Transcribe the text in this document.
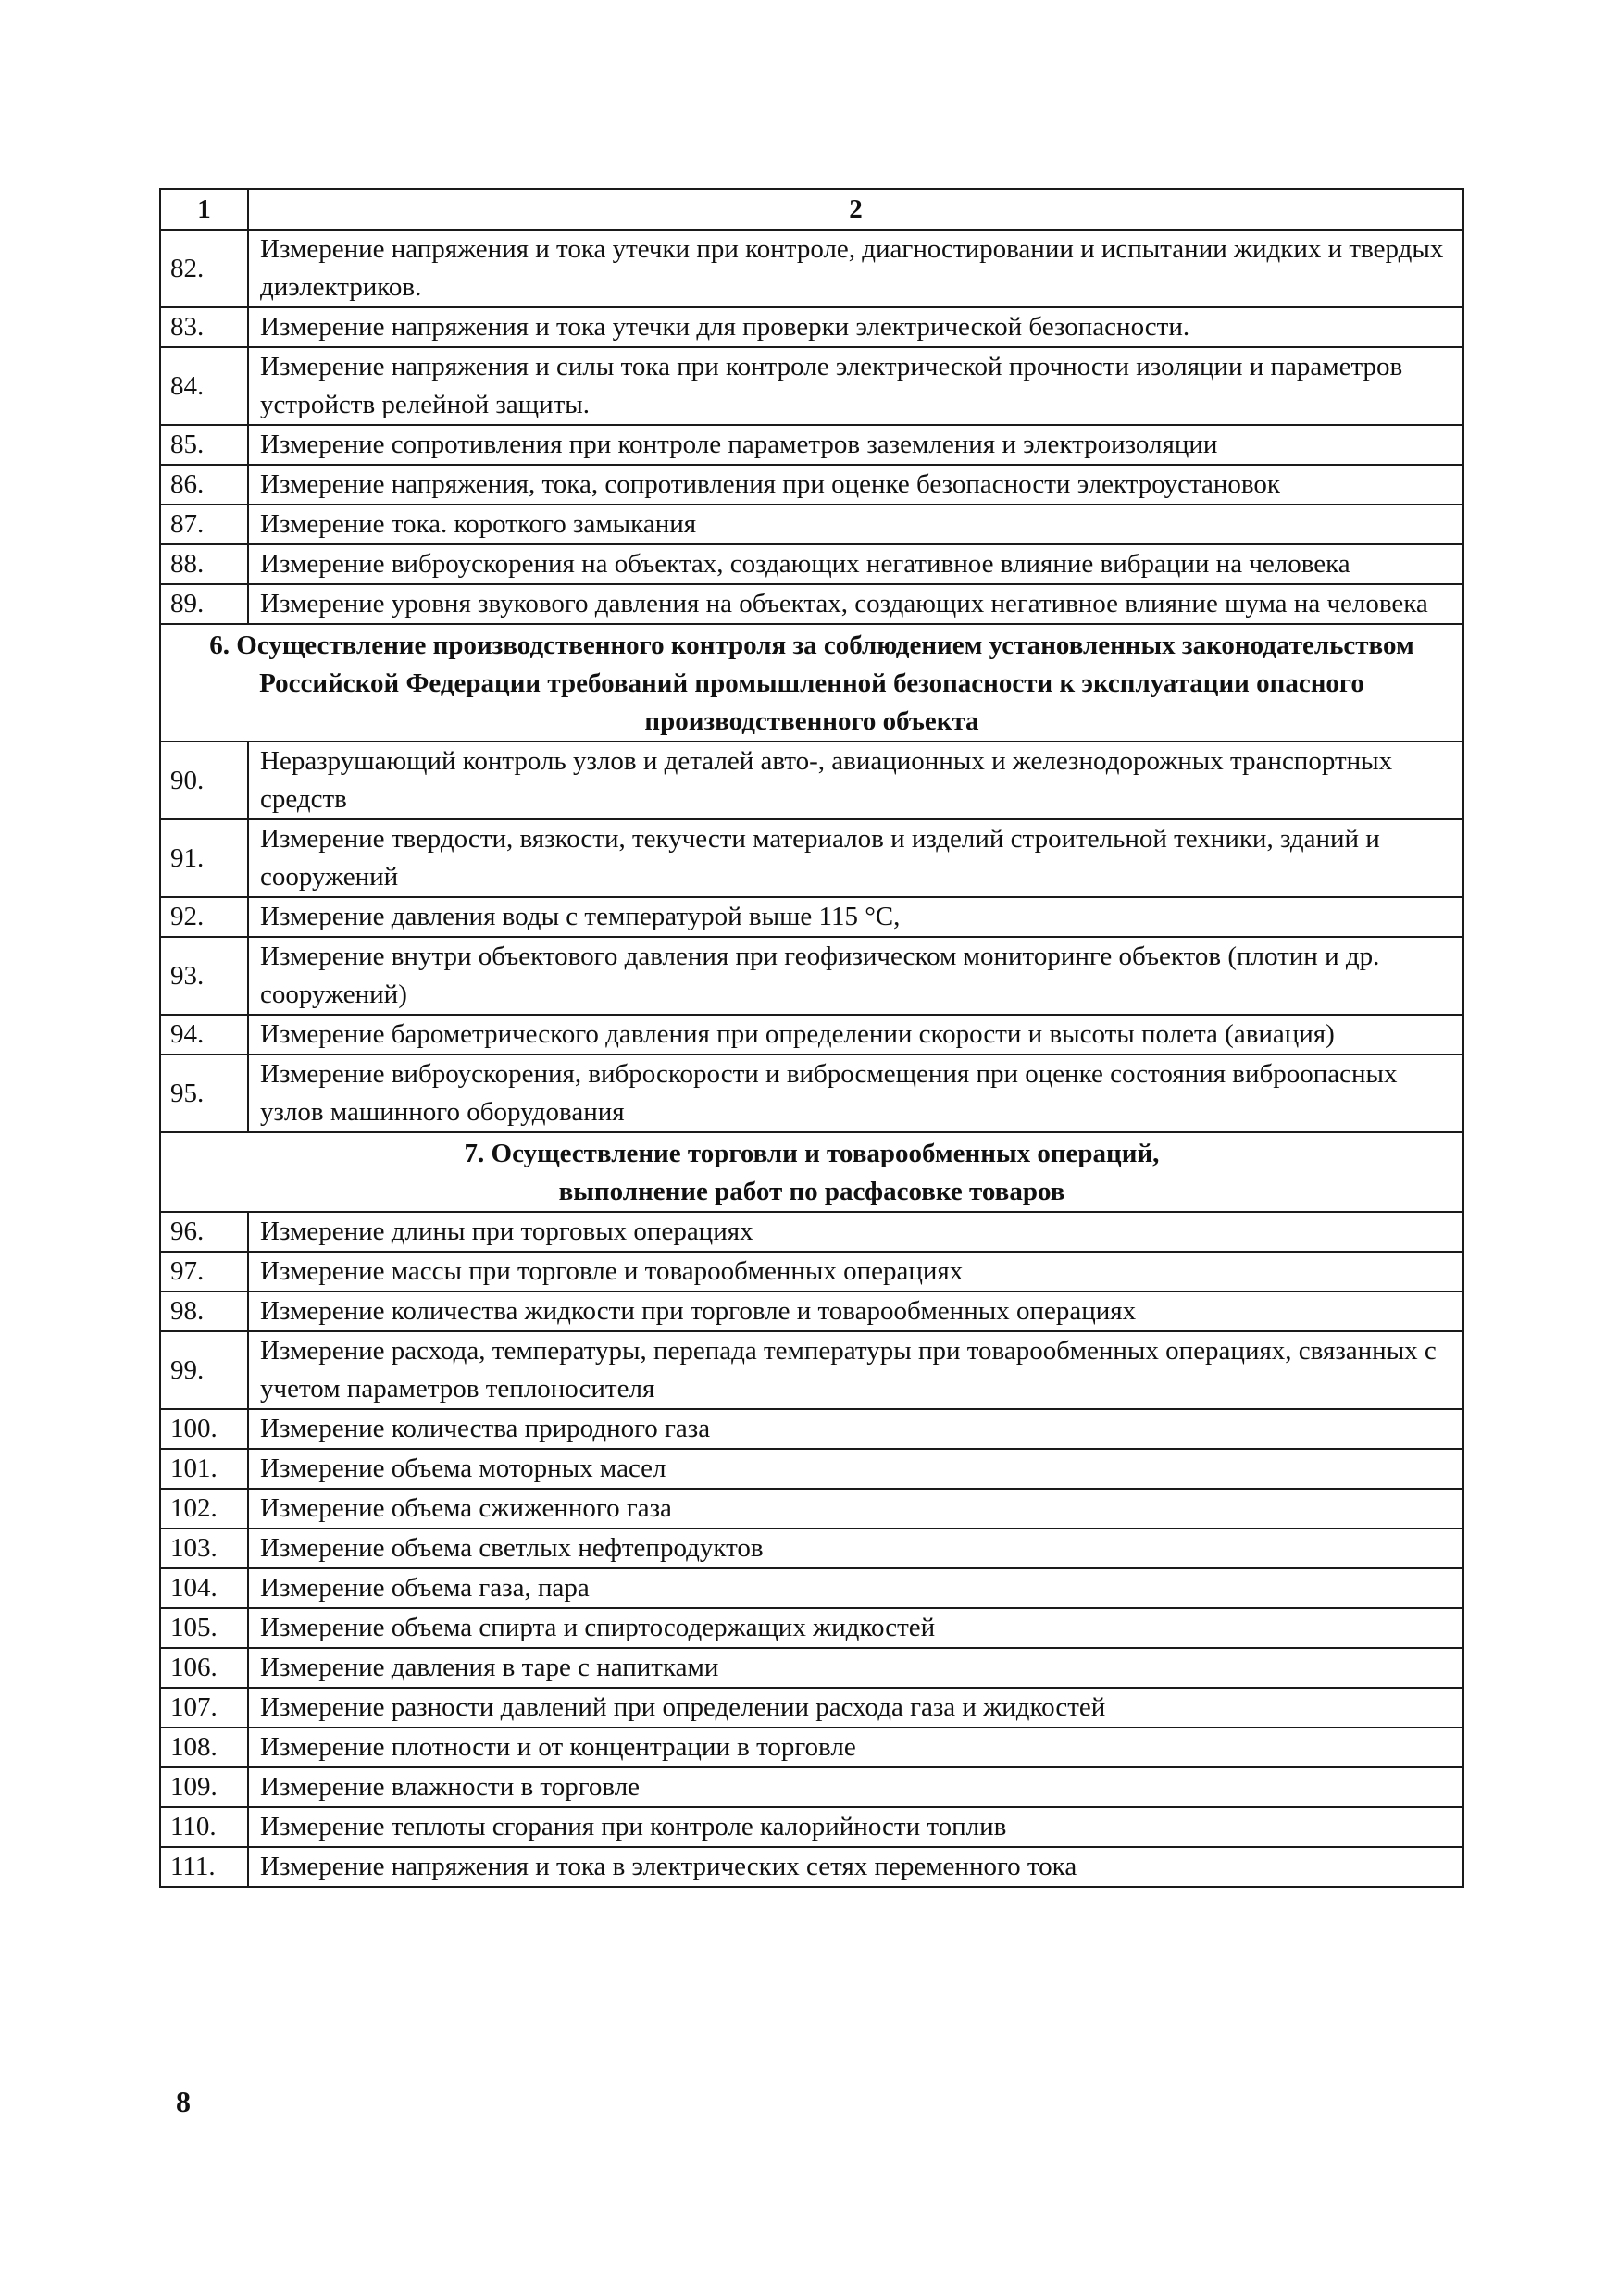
1	2
82.	Измерение напряжения и тока утечки при контроле, диагностировании и испытании жидких и твердых диэлектриков.
83.	Измерение напряжения и тока утечки для проверки электрической безопасности.
84.	Измерение напряжения и силы тока при контроле электрической прочности изоляции и параметров устройств релейной защиты.
85.	Измерение сопротивления при контроле параметров заземления и электроизоляции
86.	Измерение напряжения, тока, сопротивления при оценке безопасности электроустановок
87.	Измерение тока. короткого замыкания
88.	Измерение виброускорения на объектах, создающих негативное влияние вибрации на человека
89.	Измерение уровня звукового давления на объектах, создающих негативное влияние шума на человека
6. Осуществление производственного контроля за соблюдением установленных законодательством Российской Федерации требований промышленной безопасности к эксплуатации опасного производственного объекта	
90.	Неразрушающий контроль узлов и деталей авто-, авиационных и железнодорожных транспортных средств
91.	Измерение твердости, вязкости, текучести материалов и изделий строительной техники, зданий и сооружений
92.	Измерение давления воды с температурой выше 115 °С,
93.	Измерение внутри объектового давления при геофизическом мониторинге объектов (плотин и др. сооружений)
94.	Измерение барометрического давления при определении скорости и высоты полета (авиация)
95.	Измерение виброускорения, виброскорости и вибросмещения при оценке состояния виброопасных узлов машинного оборудования
7. Осуществление торговли и товарообменных операций, выполнение работ по расфасовке товаров	
96.	Измерение длины при торговых операциях
97.	Измерение массы при торговле и товарообменных операциях
98.	Измерение количества жидкости при торговле и товарообменных операциях
99.	Измерение расхода, температуры, перепада температуры при товарообменных операциях, связанных с учетом параметров теплоносителя
100.	Измерение количества природного газа
101.	Измерение объема моторных масел
102.	Измерение объема сжиженного газа
103.	Измерение объема светлых нефтепродуктов
104.	Измерение объема газа, пара
105.	Измерение объема спирта и спиртосодержащих жидкостей
106.	Измерение давления в таре с напитками
107.	Измерение разности давлений при определении расхода газа и жидкостей
108.	Измерение плотности и от концентрации в торговле
109.	Измерение влажности в торговле
110.	Измерение теплоты сгорания при контроле калорийности топлив
111.	Измерение напряжения и тока в электрических сетях переменного тока
8
